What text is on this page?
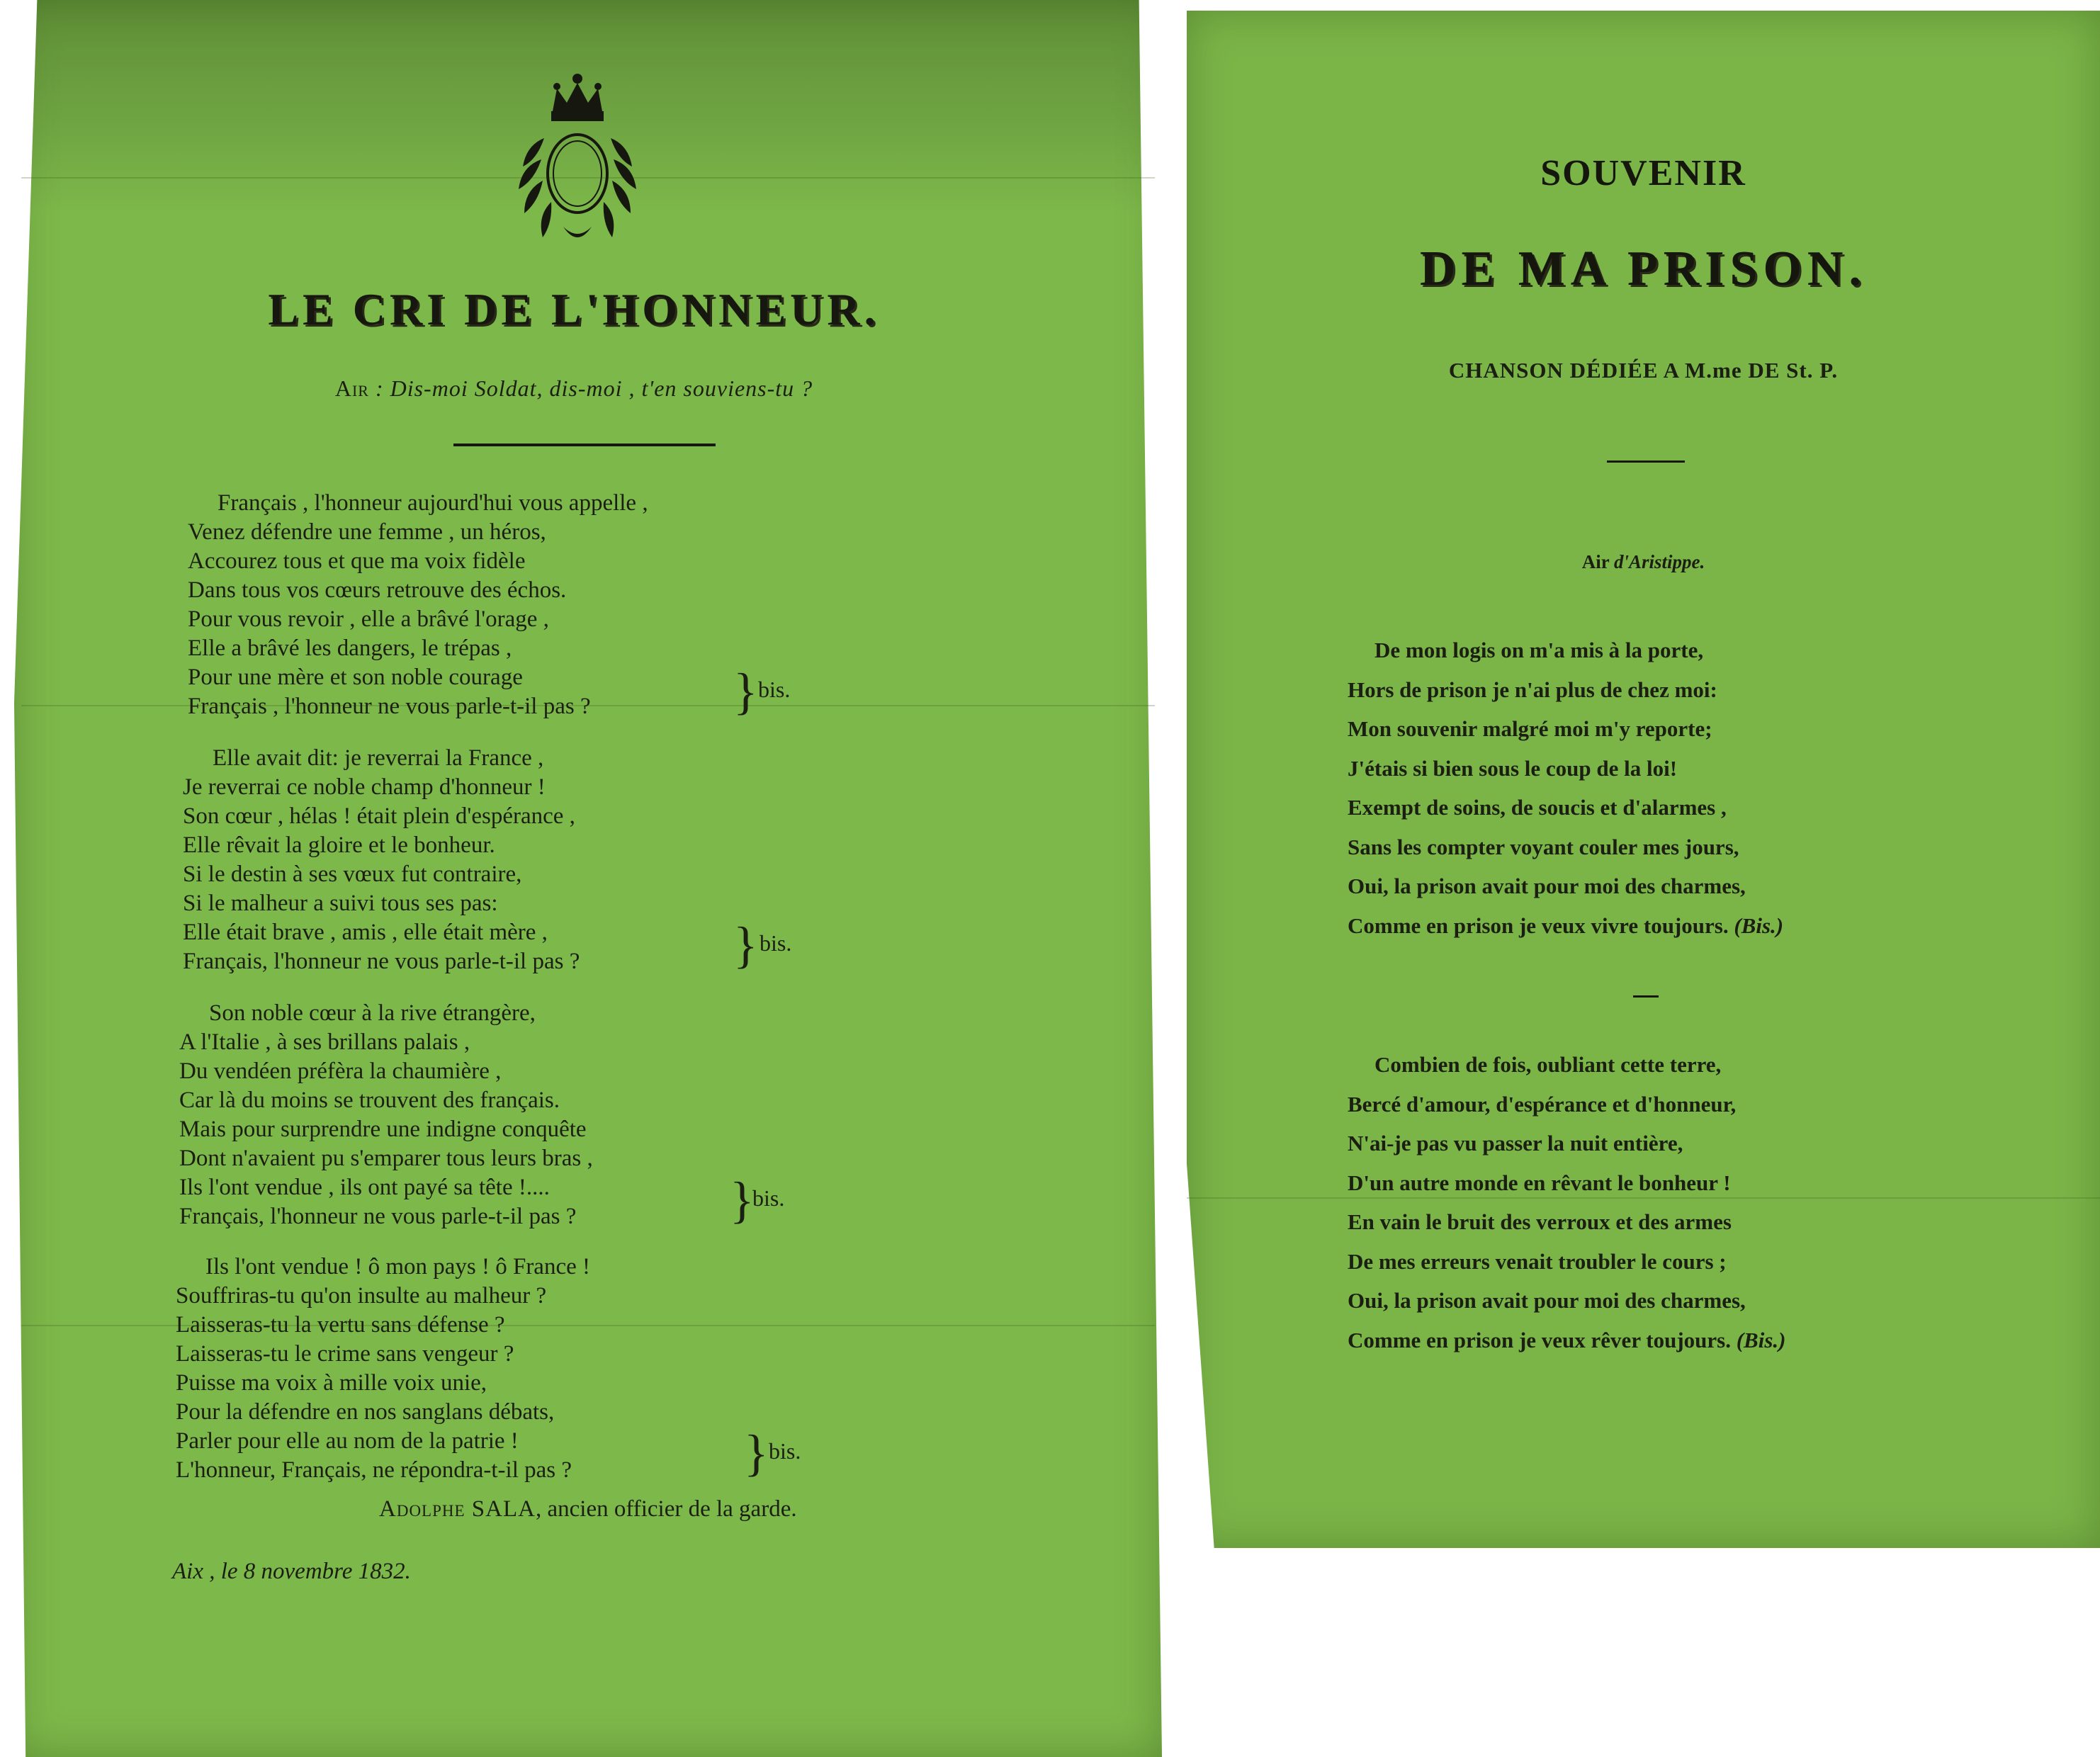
LE CRI DE L'HONNEUR.
Air : Dis-moi Soldat, dis-moi , t'en souviens-tu ?
Français , l'honneur aujourd'hui vous appelle ,
Venez défendre une femme , un héros,
Accourez tous et que ma voix fidèle
Dans tous vos cœurs retrouve des échos.
Pour vous revoir , elle a brâvé l'orage ,
Elle a brâvé les dangers, le trépas ,
Pour une mère et son noble courage
Français , l'honneur ne vous parle-t-il pas ?	} bis.
Elle avait dit: je reverrai la France ,
Je reverrai ce noble champ d'honneur !
Son cœur , hélas ! était plein d'espérance ,
Elle rêvait la gloire et le bonheur.
Si le destin à ses vœux fut contraire,
Si le malheur a suivi tous ses pas:
Elle était brave , amis , elle était mère ,
Français, l'honneur ne vous parle-t-il pas ?	} bis.
Son noble cœur à la rive étrangère,
A l'Italie , à ses brillans palais ,
Du vendéen préfèra la chaumière ,
Car là du moins se trouvent des français.
Mais pour surprendre une indigne conquête
Dont n'avaient pu s'emparer tous leurs bras ,
Ils l'ont vendue , ils ont payé sa tête !....
Français, l'honneur ne vous parle-t-il pas ?	}
bis.
Ils l'ont vendue ! ô mon pays ! ô France !
Souffriras-tu qu'on insulte au malheur ?
Laisseras-tu la vertu sans défense ?
Laisseras-tu le crime sans vengeur ?
Puisse ma voix à mille voix unie,
Pour la défendre en nos sanglans débats,
Parler pour elle au nom de la patrie !
L'honneur, Français, ne répondra-t-il pas ?	} bis.
Adolphe SALA, ancien officier de la garde.
Aix , le 8 novembre 1832.
SOUVENIR
DE MA PRISON.
CHANSON DÉDIÉE A M.me DE St. P.
Air d'Aristippe.
De mon logis on m'a mis à la porte,
Hors de prison je n'ai plus de chez moi:
Mon souvenir malgré moi m'y reporte;
J'étais si bien sous le coup de la loi!
Exempt de soins, de soucis et d'alarmes ,
Sans les compter voyant couler mes jours,
Oui, la prison avait pour moi des charmes,
Comme en prison je veux vivre toujours. (Bis.)
Combien de fois, oubliant cette terre,
Bercé d'amour, d'espérance et d'honneur,
N'ai-je pas vu passer la nuit entière,
D'un autre monde en rêvant le bonheur !
En vain le bruit des verroux et des armes
De mes erreurs venait troubler le cours ;
Oui, la prison avait pour moi des charmes,
Comme en prison je veux rêver toujours. (Bis.)
